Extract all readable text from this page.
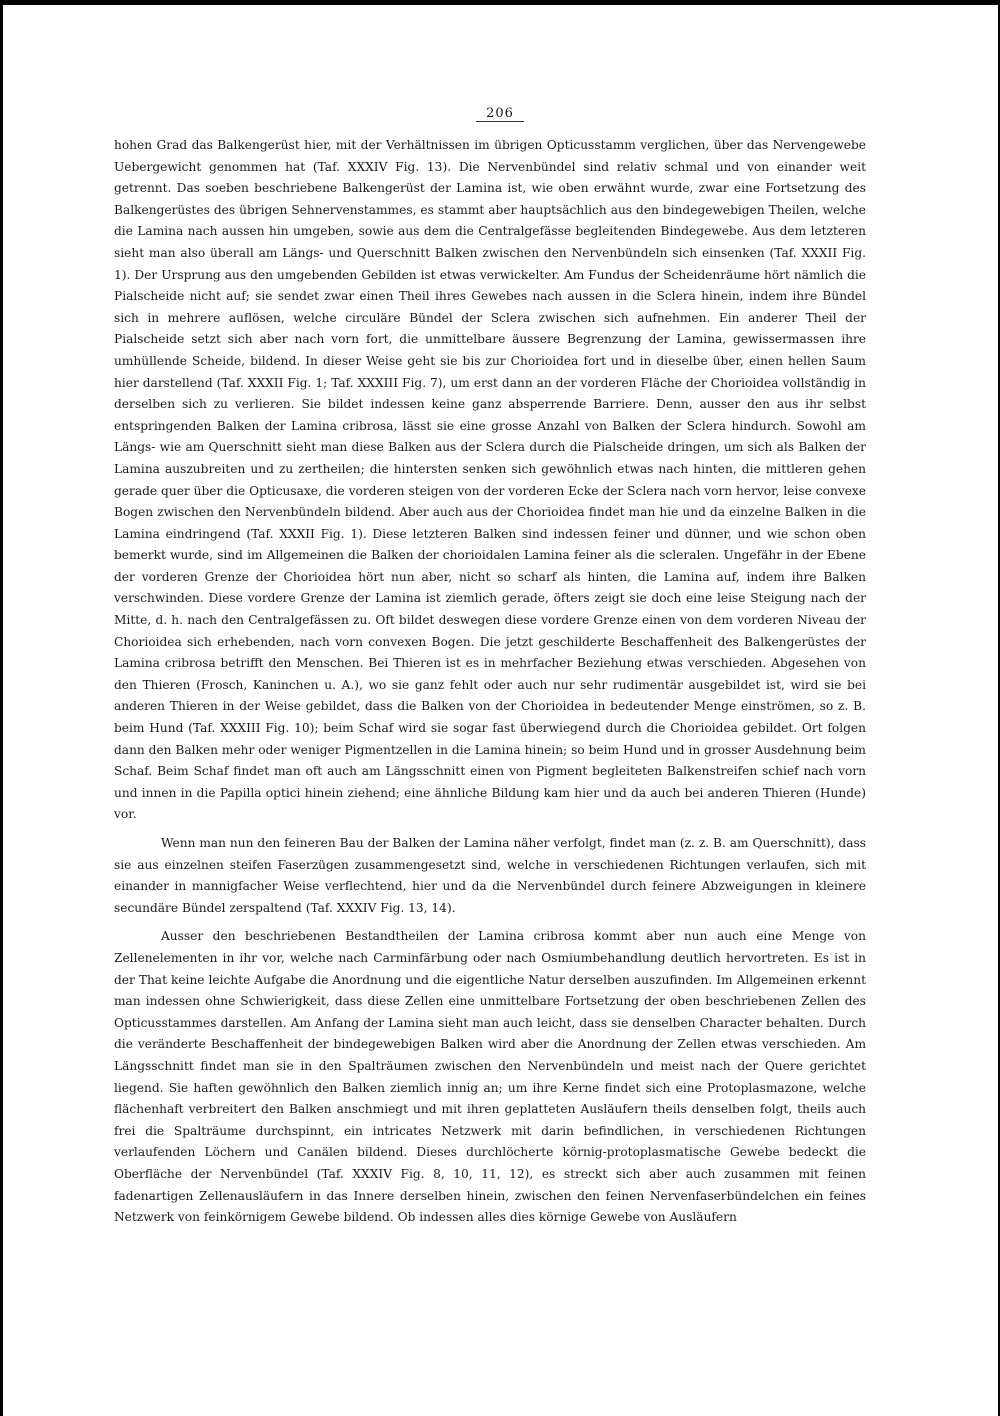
206

hohen Grad das Balkengerüst hier, mit der Verhältnissen im übrigen Opticusstamm verglichen, über das Nervengewebe Uebergewicht genommen hat (Taf. XXXIV Fig. 13). Die Nervenbündel sind relativ schmal und von einander weit getrennt. Das soeben beschriebene Balkengerüst der Lamina ist, wie oben erwähnt wurde, zwar eine Fortsetzung des Balkengerüstes des übrigen Sehnervenstammes, es stammt aber hauptsächlich aus den bindegewebigen Theilen, welche die Lamina nach aussen hin umgeben, sowie aus dem die Centralgefässe begleitenden Bindegewebe. Aus dem letzteren sieht man also überall am Längs- und Querschnitt Balken zwischen den Nervenbündeln sich einsenken (Taf. XXXII Fig. 1). Der Ursprung aus den umgebenden Gebilden ist etwas verwickelter. Am Fundus der Scheidenräume hört nämlich die Pialscheide nicht auf; sie sendet zwar einen Theil ihres Gewebes nach aussen in die Sclera hinein, indem ihre Bündel sich in mehrere auflösen, welche circuläre Bündel der Sclera zwischen sich aufnehmen. Ein anderer Theil der Pialscheide setzt sich aber nach vorn fort, die unmittelbare äussere Begrenzung der Lamina, gewissermassen ihre umhüllende Scheide, bildend. In dieser Weise geht sie bis zur Chorioidea fort und in dieselbe über, einen hellen Saum hier darstellend (Taf. XXXII Fig. 1; Taf. XXXIII Fig. 7), um erst dann an der vorderen Fläche der Chorioidea vollständig in derselben sich zu verlieren. Sie bildet indessen keine ganz absperrende Barriere. Denn, ausser den aus ihr selbst entspringenden Balken der Lamina cribrosa, lässt sie eine grosse Anzahl von Balken der Sclera hindurch. Sowohl am Längs- wie am Querschnitt sieht man diese Balken aus der Sclera durch die Pialscheide dringen, um sich als Balken der Lamina auszubreiten und zu zertheilen; die hintersten senken sich gewöhnlich etwas nach hinten, die mittleren gehen gerade quer über die Opticusaxe, die vorderen steigen von der vorderen Ecke der Sclera nach vorn hervor, leise convexe Bogen zwischen den Nervenbündeln bildend. Aber auch aus der Chorioidea findet man hie und da einzelne Balken in die Lamina eindringend (Taf. XXXII Fig. 1). Diese letzteren Balken sind indessen feiner und dünner, und wie schon oben bemerkt wurde, sind im Allgemeinen die Balken der chorioidalen Lamina feiner als die scleralen. Ungefähr in der Ebene der vorderen Grenze der Chorioidea hört nun aber, nicht so scharf als hinten, die Lamina auf, indem ihre Balken verschwinden. Diese vordere Grenze der Lamina ist ziemlich gerade, öfters zeigt sie doch eine leise Steigung nach der Mitte, d. h. nach den Centralgefässen zu. Oft bildet deswegen diese vordere Grenze einen von dem vorderen Niveau der Chorioidea sich erhebenden, nach vorn convexen Bogen. Die jetzt geschilderte Beschaffenheit des Balkengerüstes der Lamina cribrosa betrifft den Menschen. Bei Thieren ist es in mehrfacher Beziehung etwas verschieden. Abgesehen von den Thieren (Frosch, Kaninchen u. A.), wo sie ganz fehlt oder auch nur sehr rudimentär ausgebildet ist, wird sie bei anderen Thieren in der Weise gebildet, dass die Balken von der Chorioidea in bedeutender Menge einströmen, so z. B. beim Hund (Taf. XXXIII Fig. 10); beim Schaf wird sie sogar fast überwiegend durch die Chorioidea gebildet. Ort folgen dann den Balken mehr oder weniger Pigmentzellen in die Lamina hinein; so beim Hund und in grosser Ausdehnung beim Schaf. Beim Schaf findet man oft auch am Längsschnitt einen von Pigment begleiteten Balkenstreifen schief nach vorn und innen in die Papilla optici hinein ziehend; eine ähnliche Bildung kam hier und da auch bei anderen Thieren (Hunde) vor.

Wenn man nun den feineren Bau der Balken der Lamina näher verfolgt, findet man (z. z. B. am Querschnitt), dass sie aus einzelnen steifen Faserzügen zusammengesetzt sind, welche in verschiedenen Richtungen verlaufen, sich mit einander in mannigfacher Weise verflechtend, hier und da die Nervenbündel durch feinere Abzweigungen in kleinere secundäre Bündel zerspaltend (Taf. XXXIV Fig. 13, 14).

Ausser den beschriebenen Bestandtheilen der Lamina cribrosa kommt aber nun auch eine Menge von Zellenelementen in ihr vor, welche nach Carminfärbung oder nach Osmiumbehandlung deutlich hervortreten. Es ist in der That keine leichte Aufgabe die Anordnung und die eigentliche Natur derselben auszufinden. Im Allgemeinen erkennt man indessen ohne Schwierigkeit, dass diese Zellen eine unmittelbare Fortsetzung der oben beschriebenen Zellen des Opticusstammes darstellen. Am Anfang der Lamina sieht man auch leicht, dass sie denselben Character behalten. Durch die veränderte Beschaffenheit der bindegewebigen Balken wird aber die Anordnung der Zellen etwas verschieden. Am Längsschnitt findet man sie in den Spalträumen zwischen den Nervenbündeln und meist nach der Quere gerichtet liegend. Sie haften gewöhnlich den Balken ziemlich innig an; um ihre Kerne findet sich eine Protoplasmazone, welche flächenhaft verbreitert den Balken anschmiegt und mit ihren geplatteten Ausläufern theils denselben folgt, theils auch frei die Spalträume durchspinnt, ein intricates Netzwerk mit darin befindlichen, in verschiedenen Richtungen verlaufenden Löchern und Canälen bildend. Dieses durchlöcherte körnig-protoplasmatische Gewebe bedeckt die Oberfläche der Nervenbündel (Taf. XXXIV Fig. 8, 10, 11, 12), es streckt sich aber auch zusammen mit feinen fadenartigen Zellenausläufern in das Innere derselben hinein, zwischen den feinen Nervenfaserbündelchen ein feines Netzwerk von feinkörnigem Gewebe bildend. Ob indessen alles dies körnige Gewebe von Ausläufern
